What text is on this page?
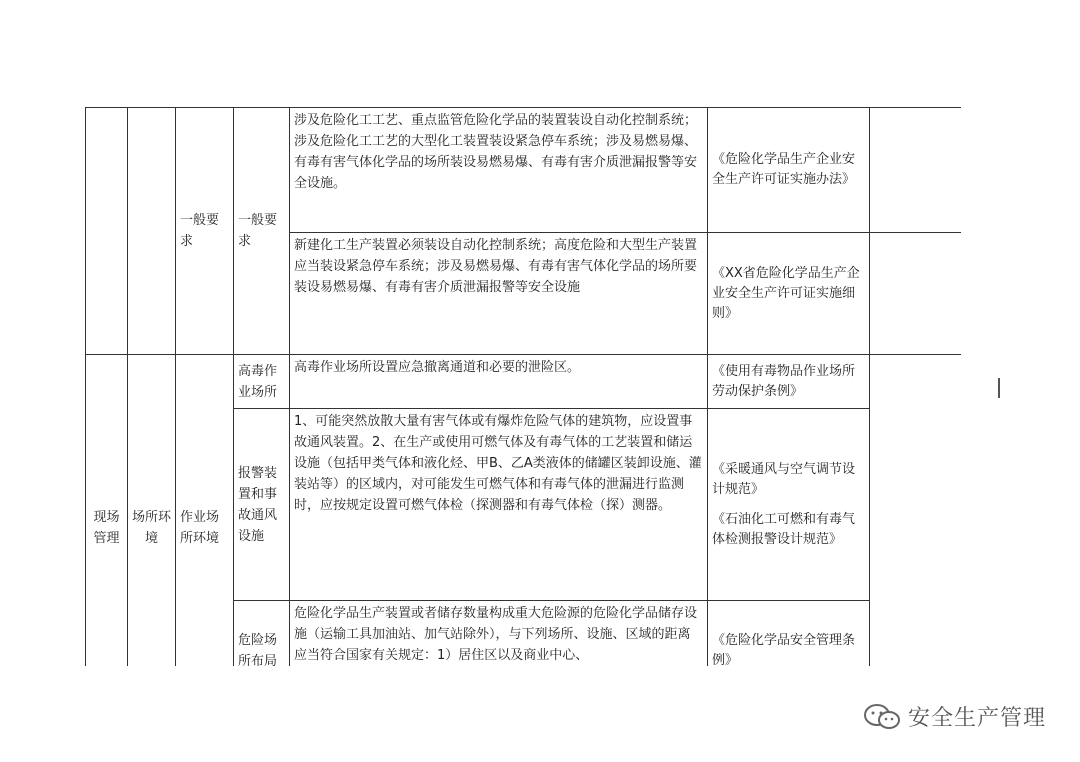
		一般要求	一般要求	涉及危险化工工艺、重点监管危险化学品的装置装设自动化控制系统；涉及危险化工工艺的大型化工装置装设紧急停车系统；涉及易燃易爆、有毒有害气体化学品的场所装设易燃易爆、有毒有害介质泄漏报警等安全设施。	《危险化学品生产企业安全生产许可证实施办法》	
				新建化工生产装置必须装设自动化控制系统；高度危险和大型生产装置应当装设紧急停车系统；涉及易燃易爆、有毒有害气体化学品的场所要装设易燃易爆、有毒有害介质泄漏报警等安全设施	《XX省危险化学品生产企业安全生产许可证实施细则》	
现场管理	场所环境	作业场所环境	高毒作业场所	高毒作业场所设置应急撤离通道和必要的泄险区。	《使用有毒物品作业场所劳动保护条例》	
			报警装置和事故通风设施	1、可能突然放散大量有害气体或有爆炸危险气体的建筑物，应设置事故通风装置。2、在生产或使用可燃气体及有毒气体的工艺装置和储运设施（包括甲类气体和液化烃、甲B、乙A类液体的储罐区装卸设施、灌装站等）的区域内，对可能发生可燃气体和有毒气体的泄漏进行监测时，应按规定设置可燃气体检（探测器和有毒气体检（探）测器。	《采暖通风与空气调节设计规范》
《石油化工可燃和有毒气体检测报警设计规范》	
			危险场所布局	危险化学品生产装置或者储存数量构成重大危险源的危险化学品储存设施（运输工具加油站、加气站除外），与下列场所、设施、区域的距离应当符合国家有关规定：1）居住区以及商业中心、	《危险化学品安全管理条例》	
安全生产管理
